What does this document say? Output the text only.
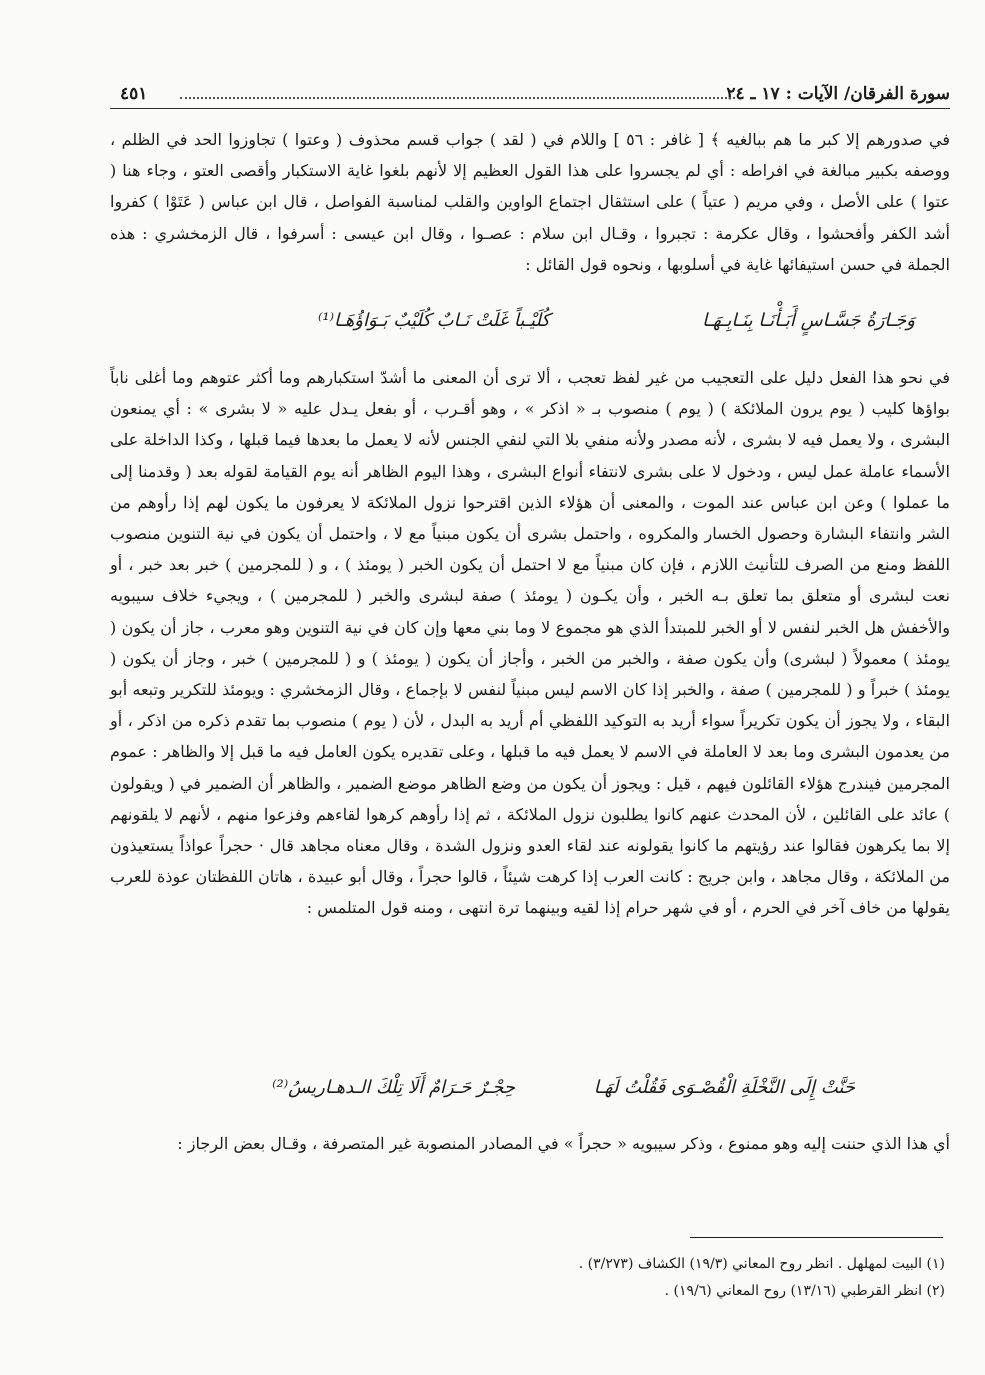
سورة الفرقان/ الآيات : ١٧ ـ ٢٤
٤٥١
في صدورهم إلا كبر ما هم ببالغيه ﴾ [ غافر : ٥٦ ] واللام في ( لقد ) جواب قسم محذوف ( وعتوا ) تجاوزوا الحد في الظلم ، ووصفه بكبير مبالغة في افراطه : أي لم يجسروا على هذا القول العظيم إلا لأنهم بلغوا غاية الاستكبار وأقصى العتو ، وجاء هنا ( عتوا ) على الأصل ، وفي مريم ( عتياً ) على استثقال اجتماع الواوين والقلب لمناسبة الفواصل ، قال ابن عباس ( عَتَوْا ) كفروا أشد الكفر وأفحشوا ، وقال عكرمة : تجبروا ، وقـال ابن سلام : عصـوا ، وقال ابن عيسى : أسرفوا ، قال الزمخشري : هذه الجملة في حسن استيفائها غاية في أسلوبها ، ونحوه قول القائل :
وَجَـارَةُ جَسَّـاسٍ أَبَـأْنَـا بِنَـابِـهَـا
كُلَيْـباً غَلَتْ نَـابٌ كُلَيْبٌ بَـوَاؤُهَـا⁽¹⁾
في نحو هذا الفعل دليل على التعجيب من غير لفظ تعجب ، ألا ترى أن المعنى ما أشدّ استكبارهم وما أكثر عتوهم وما أغلى ناباً بواؤها كليب ( يوم يرون الملائكة ) ( يوم ) منصوب بـ « اذكر » ، وهو أقـرب ، أو بفعل يـدل عليه « لا بشرى » : أي يمنعون البشرى ، ولا يعمل فيه لا بشرى ، لأنه مصدر ولأنه منفي بلا التي لنفي الجنس لأنه لا يعمل ما بعدها فيما قبلها ، وكذا الداخلة على الأسماء عاملة عمل ليس ، ودخول لا على بشرى لانتفاء أنواع البشرى ، وهذا اليوم الظاهر أنه يوم القيامة لقوله بعد ( وقدمنا إلى ما عملوا ) وعن ابن عباس عند الموت ، والمعنى أن هؤلاء الذين اقترحوا نزول الملائكة لا يعرفون ما يكون لهم إذا رأوهم من الشر وانتفاء البشارة وحصول الخسار والمكروه ، واحتمل بشرى أن يكون مبنياً مع لا ، واحتمل أن يكون في نية التنوين منصوب اللفظ ومنع من الصرف للتأنيث اللازم ، فإن كان مبنياً مع لا احتمل أن يكون الخبر ( يومئذ ) ، و ( للمجرمين ) خبر بعد خبر ، أو نعت لبشرى أو متعلق بما تعلق بـه الخبر ، وأن يكـون ( يومئذ ) صفة لبشرى والخبر ( للمجرمين ) ، ويجيء خلاف سيبويه والأخفش هل الخبر لنفس لا أو الخبر للمبتدأ الذي هو مجموع لا وما بني معها وإن كان في نية التنوين وهو معرب ، جاز أن يكون ( يومئذ ) معمولاً ( لبشرى) وأن يكون صفة ، والخبر من الخبر ، وأجاز أن يكون ( يومئذ ) و ( للمجرمين ) خبر ، وجاز أن يكون ( يومئذ ) خبراً و ( للمجرمين ) صفة ، والخبر إذا كان الاسم ليس مبنياً لنفس لا بإجماع ، وقال الزمخشري : ويومئذ للتكرير وتبعه أبو البقاء ، ولا يجوز أن يكون تكريراً سواء أريد به التوكيد اللفظي أم أريد به البدل ، لأن ( يوم ) منصوب بما تقدم ذكره من اذكر ، أو من يعدمون البشرى وما بعد لا العاملة في الاسم لا يعمل فيه ما قبلها ، وعلى تقديره يكون العامل فيه ما قبل إلا والظاهر : عموم المجرمين فيندرج هؤلاء القائلون فيهم ، قيل : ويجوز أن يكون من وضع الظاهر موضع الضمير ، والظاهر أن الضمير في ( ويقولون ) عائد على القائلين ، لأن المحدث عنهم كانوا يطلبون نزول الملائكة ، ثم إذا رأوهم كرهوا لقاءهم وفزعوا منهم ، لأنهم لا يلقونهم إلا بما يكرهون فقالوا عند رؤيتهم ما كانوا يقولونه عند لقاء العدو ونزول الشدة ، وقال معناه مجاهد قال · حجراً عواذاً يستعيذون من الملائكة ، وقال مجاهد ، وابن جريج : كانت العرب إذا كرهت شيئاً ، قالوا حجراً ، وقال أبو عبيدة ، هاتان اللفظتان عوذة للعرب يقولها من خاف آخر في الحرم ، أو في شهر حرام إذا لقيه وبينهما ترة انتهى ، ومنه قول المتلمس :
حَنَّتْ إِلَى النَّخْلَةِ الْقُصْـوَى فَقُلْتُ لَهَـا
حِجْـرٌ حَـرَامٌ أَلَا تِلْكَ الـدهـاريسُ⁽²⁾
أي هذا الذي حننت إليه وهو ممنوع ، وذكر سيبويه « حجراً » في المصادر المنصوبة غير المتصرفة ، وقـال بعض الرجاز :
(١) البيت لمهلهل . انظر روح المعاني (١٩/٣) الكشاف (٣/٢٧٣) .
(٢) انظر القرطبي (١٣/١٦) روح المعاني (١٩/٦) .
